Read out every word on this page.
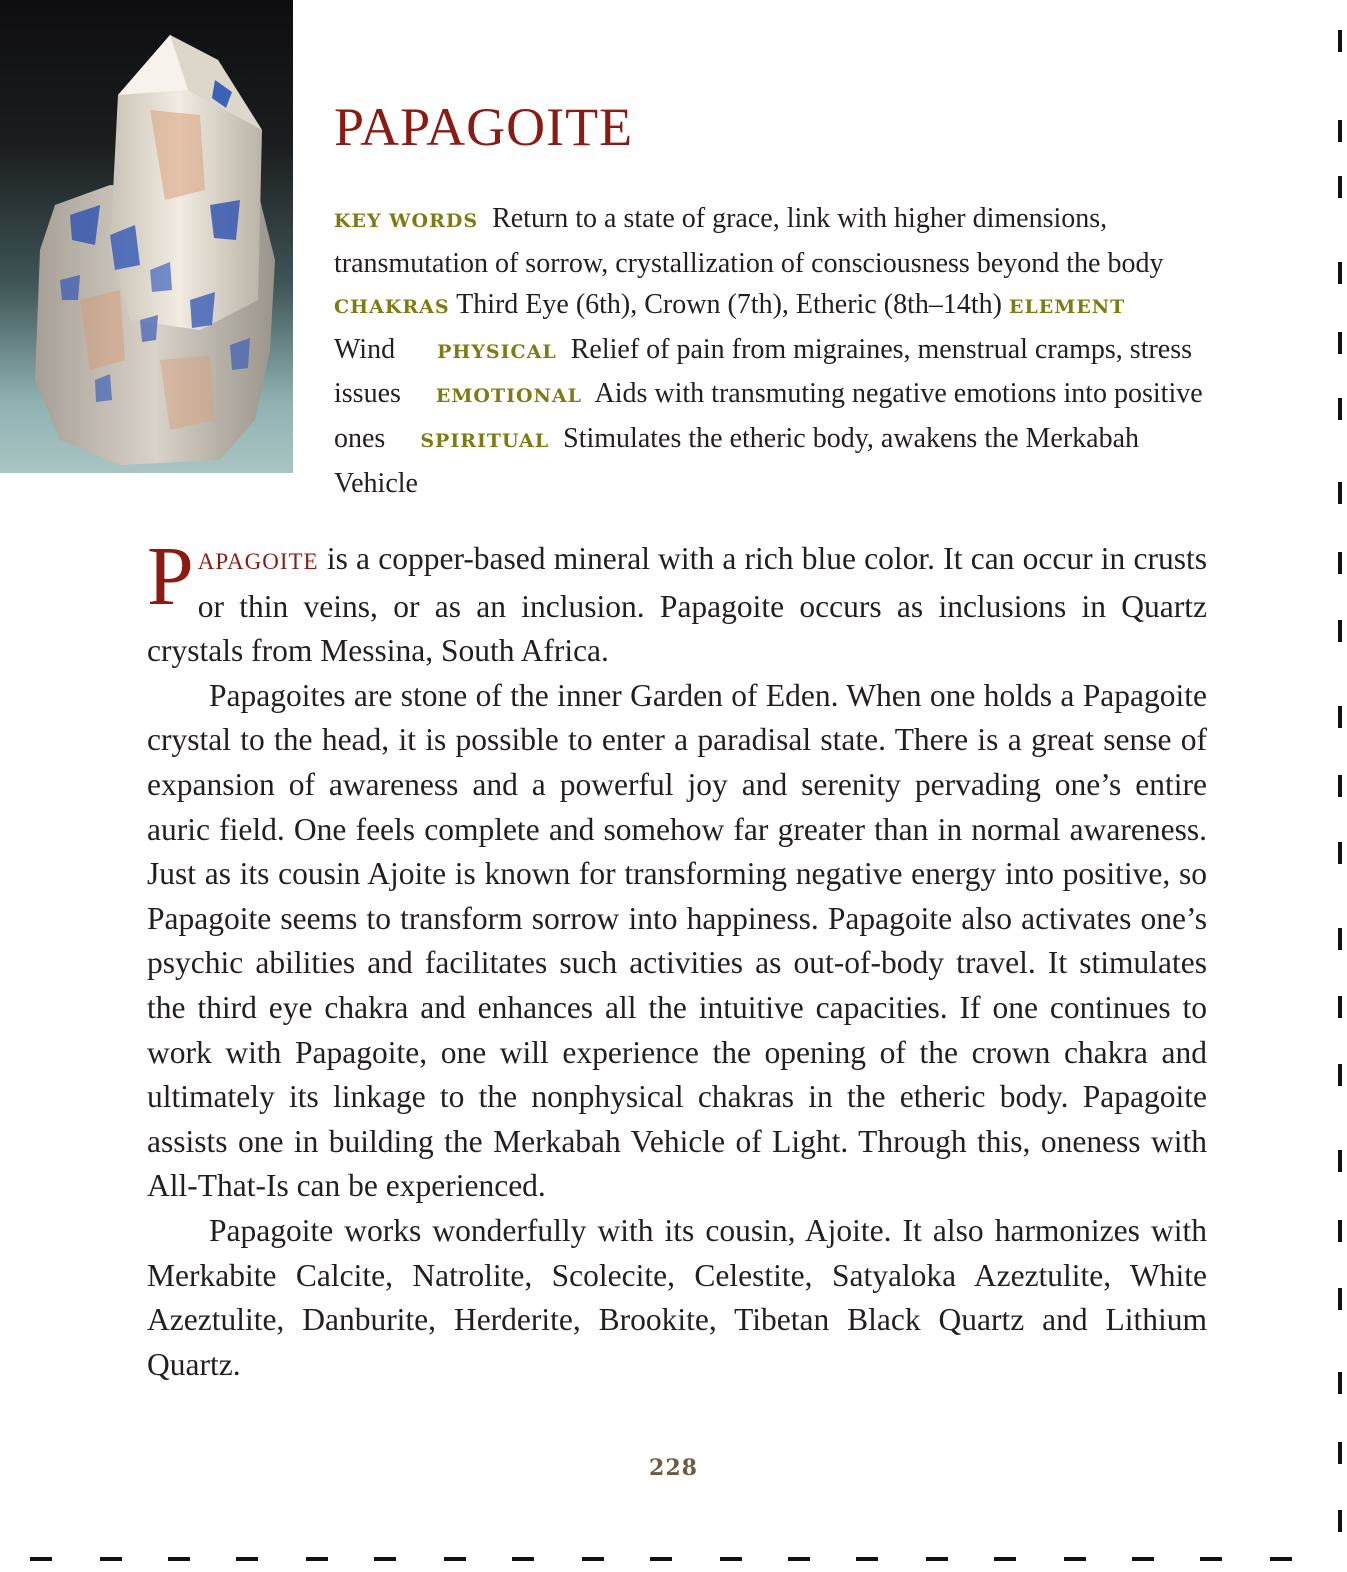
PAPAGOITE
KEY WORDS Return to a state of grace, link with higher dimensions, transmutation of sorrow, crystallization of consciousness beyond the body     CHAKRAS Third Eye (6th), Crown (7th), Etheric (8th–14th) ELEMENT   Wind PHYSICAL Relief of pain from migraines, menstrual cramps, stress issues EMOTIONAL Aids with transmuting negative emotions into positive ones SPIRITUAL Stimulates the etheric body, awakens the Merkabah Vehicle

PAPAGOITE is a copper-based mineral with a rich blue color. It can occur in crusts or thin veins, or as an inclusion. Papagoite occurs as inclusions in Quartz crystals from Messina, South Africa.

Papagoites are stone of the inner Garden of Eden. When one holds a Papagoite crystal to the head, it is possible to enter a paradisal state. There is a great sense of expansion of awareness and a powerful joy and serenity pervading one’s entire auric field. One feels complete and somehow far greater than in normal awareness. Just as its cousin Ajoite is known for transforming negative energy into positive, so Papagoite seems to transform sorrow into happiness. Papagoite also activates one’s psychic abilities and facilitates such activities as out-of-body travel. It stimulates the third eye chakra and enhances all the intuitive capacities. If one continues to work with Papagoite, one will experience the opening of the crown chakra and ultimately its linkage to the nonphysical chakras in the etheric body. Papagoite assists one in building the Merkabah Vehicle of Light. Through this, oneness with All-That-Is can be experienced.

Papagoite works wonderfully with its cousin, Ajoite. It also harmonizes with Merkabite Calcite, Natrolite, Scolecite, Celestite, Satyaloka Azeztulite, White Azeztulite, Danburite, Herderite, Brookite, Tibetan Black Quartz and Lithium Quartz.

228
